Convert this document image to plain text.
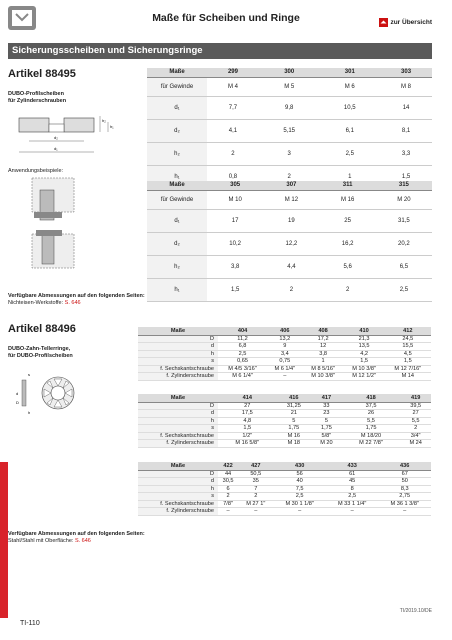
Maße für Scheiben und Ringe	zur Übersicht
Sicherungsscheiben und Sicherungsringe
Artikel 88495
DUBO-Profilscheiben
für Zylinderschrauben
h₂
h₁
d₂
d₁
Anwendungsbeispiele:
Maße	299	300	301	303
für Gewinde	M 4	M 5	M 6	M 8
d₁	7,7	9,8	10,5	14
d₂	4,1	5,15	6,1	8,1
h₂	2	3	2,5	3,3
h₁	0,8	2	1	1,5
Maße	305	307	311	315
für Gewinde	M 10	M 12	M 16	M 20
d₁	17	19	25	31,5
d₂	10,2	12,2	16,2	20,2
h₂	3,8	4,4	5,6	6,5
h₁	1,5	2	2	2,5
Verfügbare Abmessungen auf den folgenden Seiten:
Nichteisen-Werkstoffe: S. 646
Artikel 88496
DUBO-Zahn-Tellerringe,
für DUBO-Profilscheiben
d
D
s
h
Maße	404	406	408	410	412
D	11,2	13,2	17,2	21,3	24,5
d	6,8	9	12	13,5	15,5
h	2,5	3,4	3,8	4,2	4,5
s	0,65	0,75	1	1,5	1,5
f. Sechskantschraube	M 4/5 3/16"	M 6 1/4"	M 8 5/16"	M 10 3/8"	M 12 7/16"
f. Zylinderschraube	M 6 1/4"	–	M 10 3/8"	M 12 1/2"	M 14
Maße	414	416	417	418	419
D	27	31,25	33	37,5	39,5
d	17,5	21	23	26	27
h	4,8	5	5	5,5	5,5
s	1,5	1,75	1,75	1,75	2
f. Sechskantschraube	1/2"	M 16	5/8"	M 18/20	3/4"
f. Zylinderschraube	M 16 5/8"	M 18	M 20	M 22 7/8"	M 24
Maße	422	427	430	433	436
D	44	50,5	56	61	67
d	30,5	35	40	45	50
h	6	7	7,5	8	8,3
s	2	2	2,5	2,5	2,75
f. Sechskantschraube	7/8"	M 27 1"	M 30 1 1/8"	M 33 1 1/4"	M 36 1 3/8"
f. Zylinderschraube	–	–	–	–	–
Verfügbare Abmessungen auf den folgenden Seiten:
Stahl/Stahl mit Oberfläche: S. 646
TI/2019.10/DE
TI-110
